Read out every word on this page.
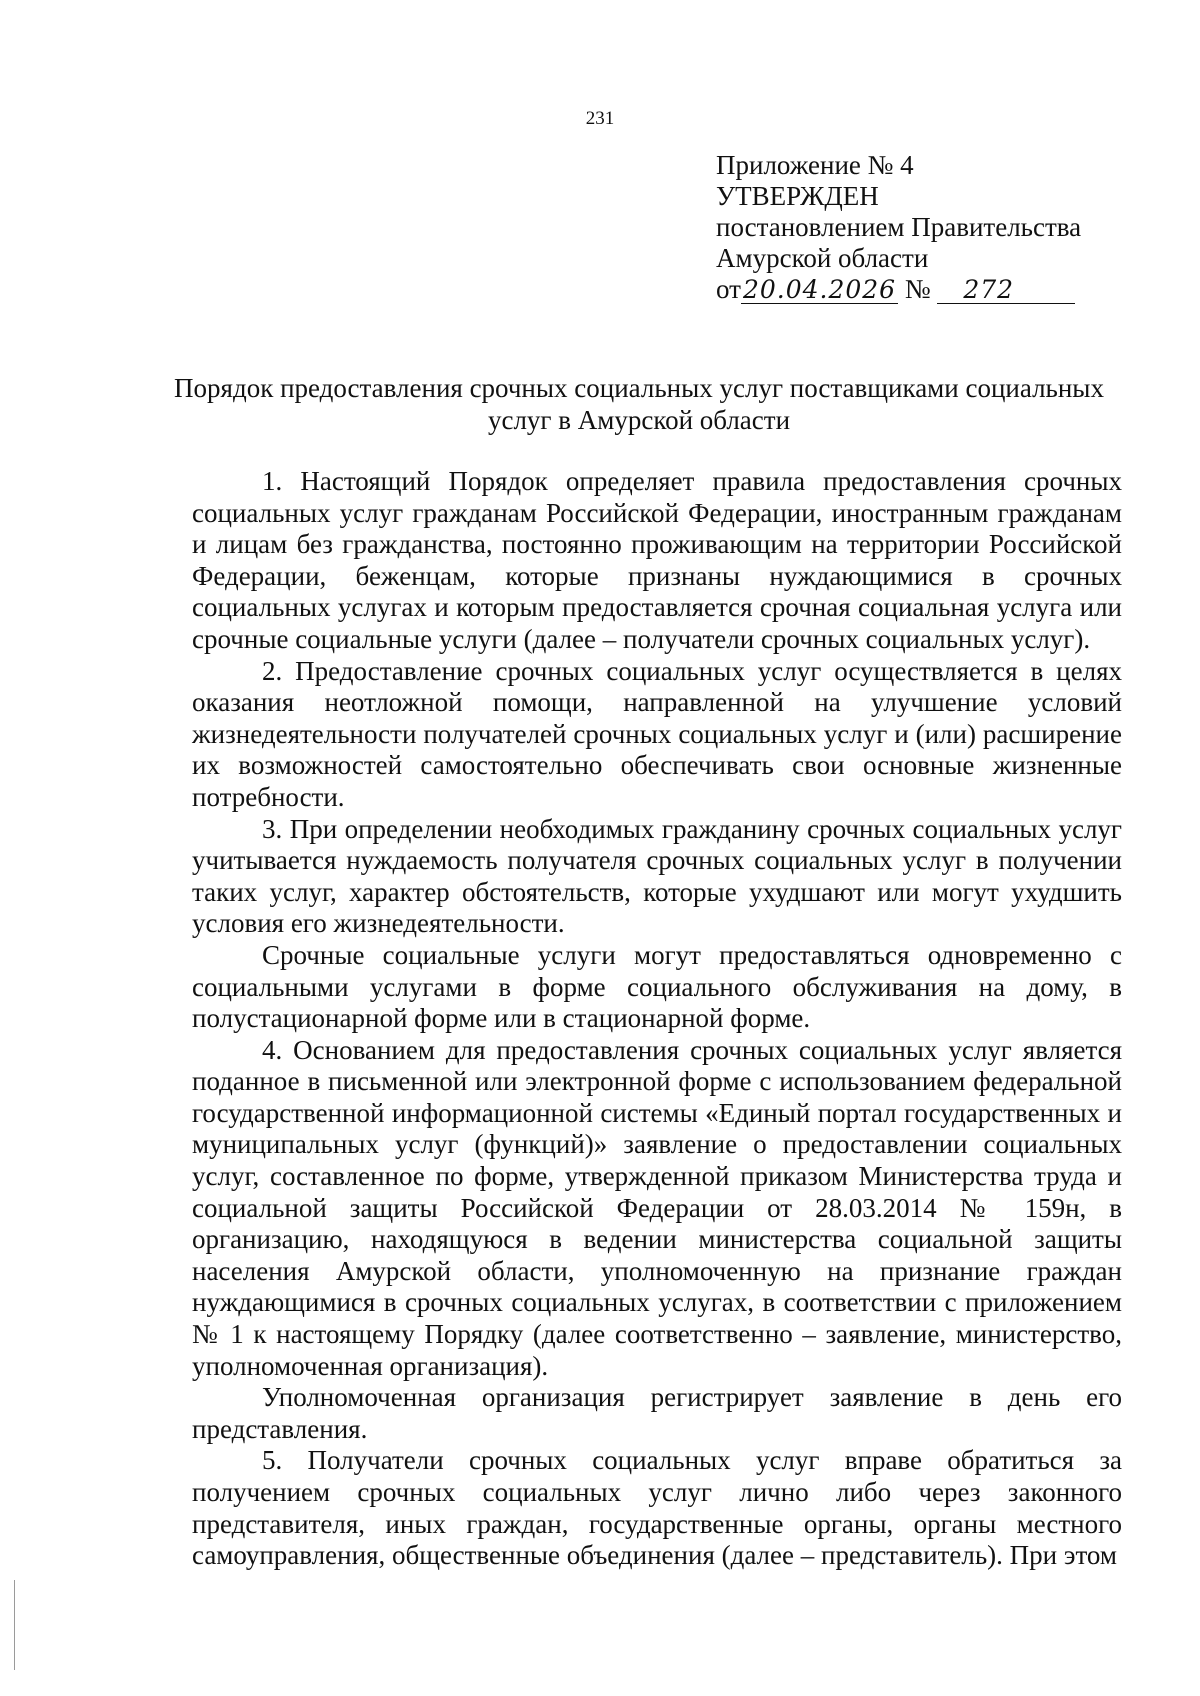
231
Приложение № 4
УТВЕРЖДЕН
постановлением Правительства
Амурской области
от20.04.2026 № 272
Порядок предоставления срочных социальных услуг поставщиками социальных услуг в Амурской области

1. Настоящий Порядок определяет правила предоставления срочных социальных услуг гражданам Российской Федерации, иностранным гражданам и лицам без гражданства, постоянно проживающим на территории Российской Федерации, беженцам, которые признаны нуждающимися в срочных социальных услугах и которым предоставляется срочная социальная услуга или срочные социальные услуги (далее – получатели срочных социальных услуг).

2. Предоставление срочных социальных услуг осуществляется в целях оказания неотложной помощи, направленной на улучшение условий жизнедеятельности получателей срочных социальных услуг и (или) расширение их возможностей самостоятельно обеспечивать свои основные жизненные потребности.

3. При определении необходимых гражданину срочных социальных услуг учитывается нуждаемость получателя срочных социальных услуг в получении таких услуг, характер обстоятельств, которые ухудшают или могут ухудшить условия его жизнедеятельности.

Срочные социальные услуги могут предоставляться одновременно с социальными услугами в форме социального обслуживания на дому, в полустационарной форме или в стационарной форме.

4. Основанием для предоставления срочных социальных услуг является поданное в письменной или электронной форме с использованием федеральной государственной информационной системы «Единый портал государственных и муниципальных услуг (функций)» заявление о предоставлении социальных услуг, составленное по форме, утвержденной приказом Министерства труда и социальной защиты Российской Федерации от 28.03.2014 № 159н, в организацию, находящуюся в ведении министерства социальной защиты населения Амурской области, уполномоченную на признание граждан нуждающимися в срочных социальных услугах, в соответствии с приложением № 1 к настоящему Порядку (далее соответственно – заявление, министерство, уполномоченная организация).

Уполномоченная организация регистрирует заявление в день его представления.

5. Получатели срочных социальных услуг вправе обратиться за получением срочных социальных услуг лично либо через законного представителя, иных граждан, государственные органы, органы местного самоуправления, общественные объединения (далее – представитель). При этом
